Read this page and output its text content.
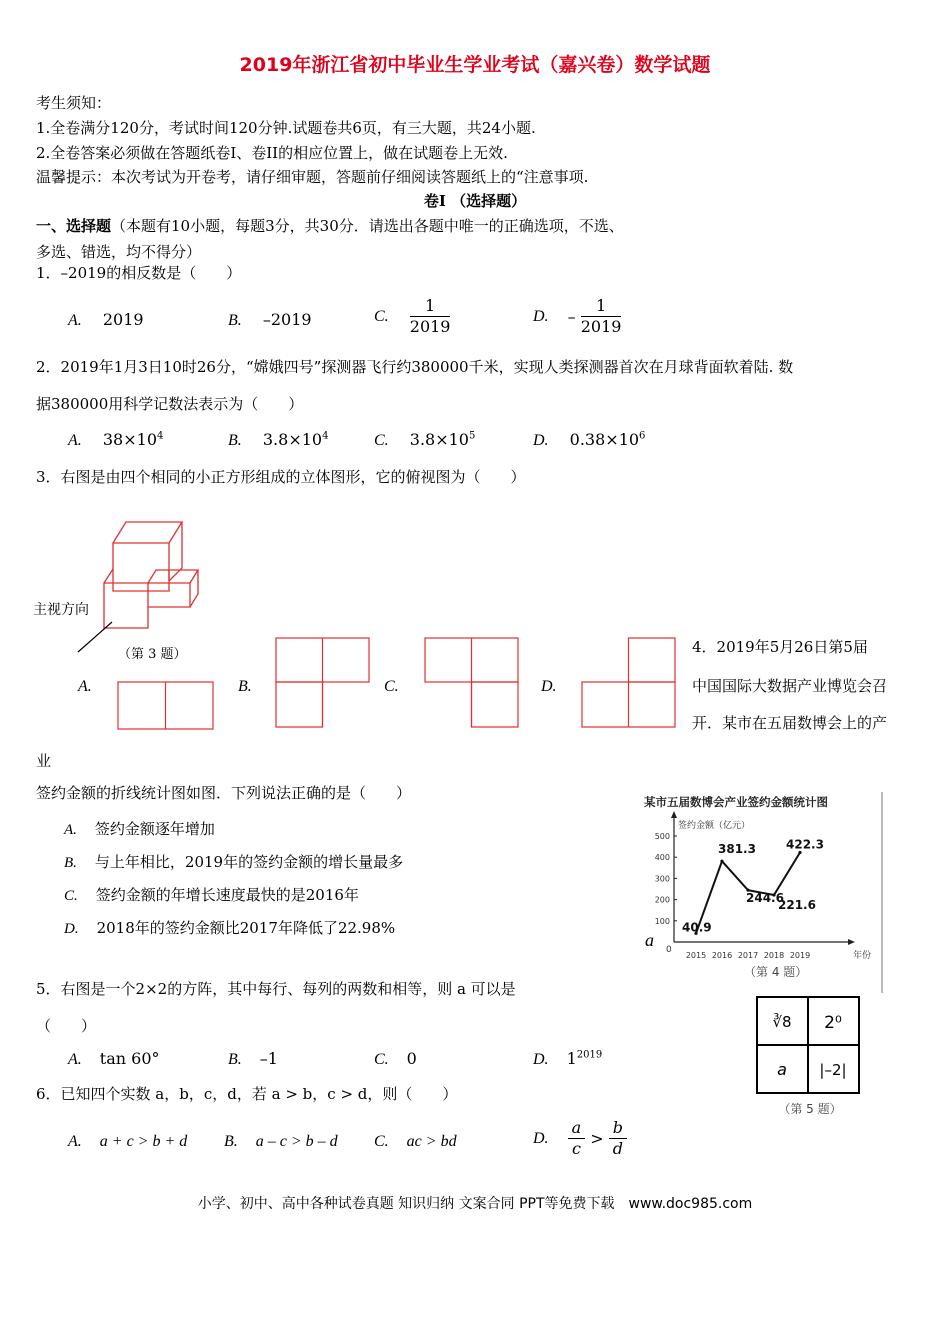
2019年浙江省初中毕业生学业考试（嘉兴卷）数学试题
考生须知：
1.全卷满分120分，考试时间120分钟.试题卷共6页，有三大题，共24小题.
2.全卷答案必须做在答题纸卷I、卷II的相应位置上，做在试题卷上无效.
温馨提示：本次考试为开卷考，请仔细审题，答题前仔细阅读答题纸上的“注意事项.
卷Ⅰ （选择题）
一、选择题（本题有10小题，每题3分，共30分．请选出各题中唯一的正确选项，不选、
多选、错选，均不得分）
1．–2019的相反数是（　　）
A. 2019	B. –2019	C. $\frac{1}{2019}$	D. – $\frac{1}{2019}$
2．2019年1月3日10时26分，“嫦娥四号”探测器飞行约380000千米，实现人类探测器首次在月球背面软着陆. 数
据380000用科学记数法表示为（　　）
A. $38\times 10^4$	B. $3.8\times 10^4$	C. $3.8\times 10^5$	D. $0.38\times 10^6$
3．右图是由四个相同的小正方形组成的立体图形，它的俯视图为（　　）
主视方向
（第 3 题）
A.	B.	C.	D.
4．2019年5月26日第5届
中国国际大数据产业博览会召
开．某市在五届数博会上的产
业
签约金额的折线统计图如图．下列说法正确的是（　　）
A. 签约金额逐年增加
B. 与上年相比，2019年的签约金额的增长量最多
C. 签约金额的年增长速度最快的是2016年
D. 2018年的签约金额比2017年降低了22.98%
a
某市五届数博会产业签约金额统计图
签约金额（亿元）
年份
0
（第 4 题）
100
200
300
400
500
2015 2016 2017 2018 2019
40.9
381.3
244.6
221.6
422.3
5．右图是一个2×2的方阵，其中每行、每列的两数和相等，则 a 可以是
（　　）
A. tan 60°	B. –1	C. 0	D. $1^{2019}$
∛8 2⁰
a |–2|
（第 5 题）
6．已知四个实数 a，b，c，d，若 a > b，c > d，则（　　）
A. a + c > b + d B. a – c > b – d C. ac > bd	D. $\frac{a}{c} > \frac{b}{d}$
小学、初中、高中各种试卷真题 知识归纳 文案合同 PPT等免费下载　www.doc985.com
